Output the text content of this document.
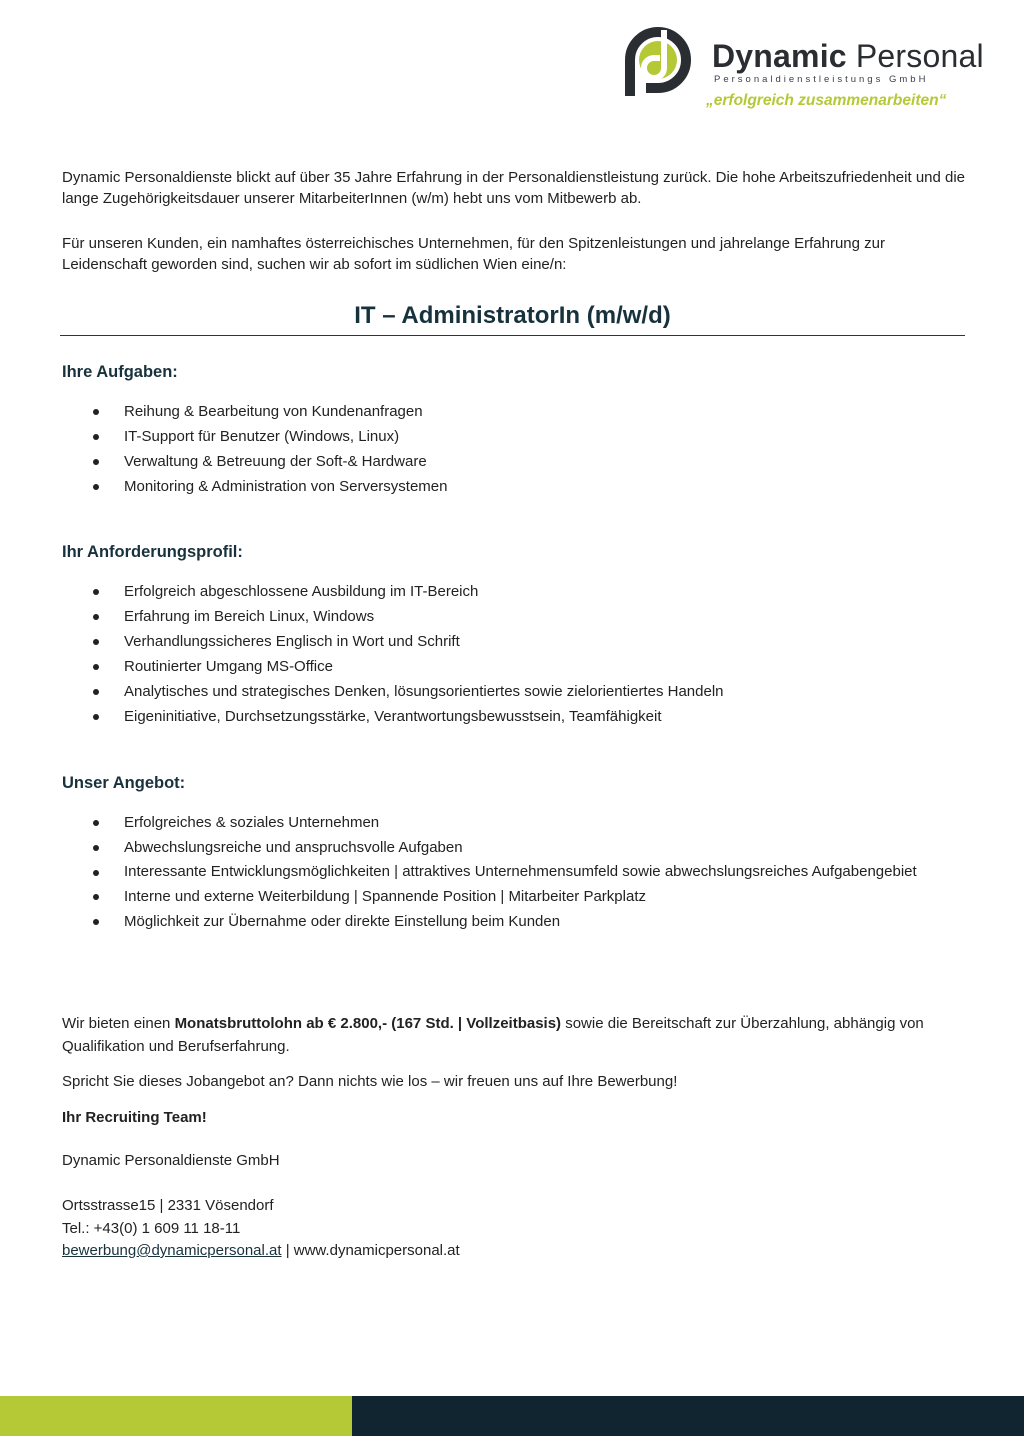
Dynamic Personal
Personaldienstleistungs GmbH
„erfolgreich zusammenarbeiten“
Dynamic Personaldienste blickt auf über 35 Jahre Erfahrung in der Personaldienstleistung zurück. Die hohe Arbeitszufriedenheit und die lange Zugehörigkeitsdauer unserer MitarbeiterInnen (w/m) hebt uns vom Mitbewerb ab.
Für unseren Kunden, ein namhaftes österreichisches Unternehmen, für den Spitzenleistungen und jahrelange Erfahrung zur Leidenschaft geworden sind, suchen wir ab sofort im südlichen Wien eine/n:
IT – AdministratorIn (m/w/d)
Ihre Aufgaben:
Reihung & Bearbeitung von Kundenanfragen
IT-Support für Benutzer (Windows, Linux)
Verwaltung & Betreuung der Soft-& Hardware
Monitoring & Administration von Serversystemen
Ihr Anforderungsprofil:
Erfolgreich abgeschlossene Ausbildung im IT-Bereich
Erfahrung im Bereich Linux, Windows
Verhandlungssicheres Englisch in Wort und Schrift
Routinierter Umgang MS-Office
Analytisches und strategisches Denken, lösungsorientiertes sowie zielorientiertes Handeln
Eigeninitiative, Durchsetzungsstärke, Verantwortungsbewusstsein, Teamfähigkeit
Unser Angebot:
Erfolgreiches & soziales Unternehmen
Abwechslungsreiche und anspruchsvolle Aufgaben
Interessante Entwicklungsmöglichkeiten | attraktives Unternehmensumfeld sowie abwechslungsreiches Aufgabengebiet
Interne und externe Weiterbildung | Spannende Position | Mitarbeiter Parkplatz
Möglichkeit zur Übernahme oder direkte Einstellung beim Kunden
Wir bieten einen Monatsbruttolohn ab € 2.800,- (167 Std. | Vollzeitbasis) sowie die Bereitschaft zur Überzahlung, abhängig von Qualifikation und Berufserfahrung.
Spricht Sie dieses Jobangebot an? Dann nichts wie los – wir freuen uns auf Ihre Bewerbung!
Ihr Recruiting Team!
Dynamic Personaldienste GmbH
Ortsstrasse15 | 2331 Vösendorf
Tel.: +43(0) 1 609 11 18-11
bewerbung@dynamicpersonal.at | www.dynamicpersonal.at
